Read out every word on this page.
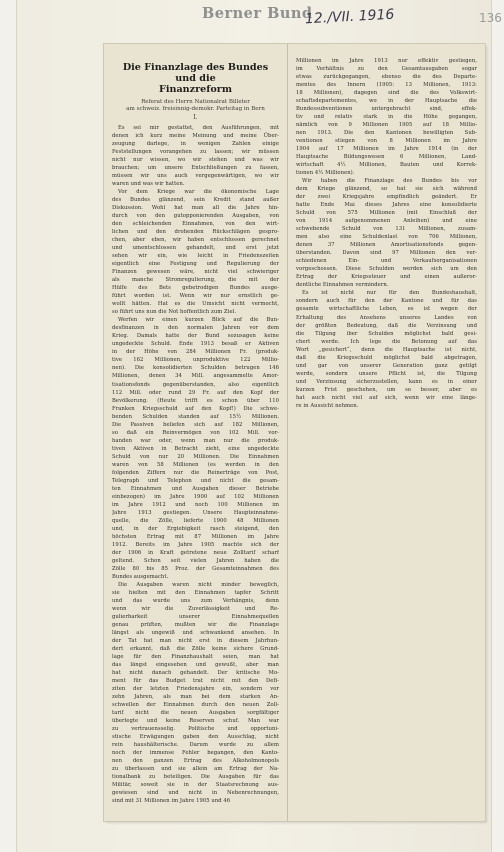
Berner Bund
12./VII. 1916	136
Die Finanzlage des Bundes und die
Finanzreform
Referat des Herrn Nationalrat Billeter
am schweiz. freisinnig-demokr. Parteitag in Bern
I.
Es sei mir gestattet, den Ausführungen, mit
denen ich kurz meine Meinung und meine Über-
zeugung darlege, in wenigen Zahlen einige
Feststellungen vorangehen zu lassen; wir müssen
nicht nur wissen, wo wir stehen und was wir
brauchen; um unsere Entschließungen zu fassen,
müssen wir uns auch vergegenwärtigen, wo wir
waren und was wir hatten.
Vor dem Kriege war die ökonomische Lage
des Bundes glänzend, sein Kredit stand außer
Diskussion. Wohl hat man all die Jahre hin-
durch von den gutopponierenden Ausgaben, von
den schleichenden Einnahmen, von den wirt-
lichen und den drohenden Rückschlägen gespro-
chen, aber eben, wir haben entschlossen gerechnet
und umentschlossen gehandelt, und erst jetzt
sehen wir ein, wie leicht in Friedenszeiten
eigentlich eine Festigung und Regulierung der
Finanzen gewesen wäre, nicht viel schwieriger
als manche Stromregulierung, die mit der
Hülfe des Bets gebetrodigen Bundes ausge-
führt worden ist. Wenn wir nur ernstlich ge-
wollt hätten. Hat es die Umsicht nicht vermocht,
so führt uns nun die Not hoffentlich zum Ziel.
Werfen wir einen kurzen Blick auf die Bun-
desfinanzen in den normalen Jahren vor dem
Krieg. Damals hatte der Bund sozusagen keine
ungedeckte Schuld. Ende 1913 besaß er Aktiven
in der Höhe von 284 Millionen Fr. (produk-
tive 162 Millionen, unproduktive 122 Millio-
nen). Die konsolidierten Schulden betrugen 146
Millionen, denen 34 Mill. angesammelte Amor-
tisationsfonds gegenüberstanden, also eigentlich
112 Mill. oder rund 29 Fr. auf den Kopf der
Bevölkerung. (Heute trifft es schon über 110
Franken Kriegsschuld auf den Kopf!) Die schwe-
benden Schulden standen auf 15½ Millionen.
Die Passiven beliefen sich auf 182 Millionen,
so daß ein Reinvermögen von 102 Mill. vor-
handen war oder, wenn man nur die produk-
tiven Aktiven in Betracht zieht, eine ungedeckte
Schuld von nur 20 Millionen. Die Einnahmen
waren von 58 Millionen (es werden in den
folgenden Ziffern nur die Reinerträge von Post,
Telegraph und Telephon und nicht die gesam-
ten Einnahmen und Ausgaben dieser Betriebe
einbezogen) im Jahre 1900 auf 102 Millionen
im Jahre 1912 und noch 100 Millionen im
Jahre 1913 gestiegen. Unsere Haupteinnahme-
quelle, die Zölle, lieferte 1900 48 Millionen
und, in der Ergiebigkeit rasch steigend, den
höchsten Ertrag mit 87 Millionen im Jahre
1912. Bereits im Jahre 1905 machte sich der
der 1906 in Kraft getretene neue Zolltarif scharf
geltend. Schon seit vielen Jahren haben die
Zölle 80 bis 85 Proz. der Gesamteinnahmen des
Bundes ausgemacht.
Die Ausgaben waren nicht minder beweglich,
sie hielten mit den Einnahmen tapfer Schritt
und das wurde uns zum Verhängnis, denn
wenn wir die Zuverlässigkeit und Re-
gulierbarkeit unserer Einnahmequellen
genau prüften, mußten wir die Finanzlage
längst als ungewiß und schwankend ansehen. In
der Tat hat man nicht erst in diesem Jahrhun-
dert erkannt, daß die Zölle keine sichere Grund-
lage für den Finanzhaushalt seien, man hat
das längst eingesehen und gewußt, aber man
hat nicht danach gehandelt. Der kritische Mo-
ment für das Budget trat nicht mit den Defi-
ziten der letzten Friedensjahre ein, sondern vor
zehn Jahren, als man bei dem starken An-
schwellen der Einnahmen durch den neuen Zoll-
tarif nicht die neuen Ausgaben sorgfältiger
überlegte und keine Reserven schuf. Man war
zu vertrauensselig. Politische und opportuni-
stische Erwägungen gaben den Ausschlag, nicht
rein haushälterische. Darum wurde zu allem
noch der immense Fehler begangen, den Kanto-
nen den ganzen Ertrag des Alkoholmonopols
zu überlassen und sie allein am Ertrag der Na-
tionalbank zu beteiligen. Die Ausgaben für das
Militär, soweit sie in der Staatsrechnung aus-
gewiesen sind und nicht in Nebenrechnungen,
sind mit 31 Millionen im Jahre 1905 und 46
Millionen im Jahre 1913 nur effektiv gestiegen,
im Verhältnis zu den Gesamtausgaben sogar
etwas zurückgegangen, ebenso die des Departe-
mentes des Innern (1905: 13 Millionen, 1913:
18 Millionen), dagegen sind die des Volkswirt-
schaftsdepartementes, wo in der Hauptsache die
Bundessubventionen untergebracht sind, effek-
tiv und relativ stark in die Höhe gegangen,
nämlich von 9 Millionen 1905 auf 18 Millio-
nen 1913. Die den Kantonen bewilligten Sub-
ventionen stiegen von 8 Millionen im Jahre
1904 auf 17 Millionen im Jahre 1914 (in der
Hauptsache Bildungswesen 6 Millionen, Land-
wirtschaft 4½ Millionen, Bauten und Korrek-
tionen 4½ Millionen).
Wir haben die Finanzlage des Bundes bis vor
dem Kriege glänzend, so hat sie sich während
der zwei Kriegsjahre empfindlich geändert. Er
hatte Ende Mai dieses Jahres eine konsolidierte
Schuld von 575 Millionen (mit Einschluß der
von 1914 aufgenommenen Anleihen) und eine
schwebende Schuld von 131 Millionen, zusam-
men also eine Schuldenlast von 706 Millionen,
denen 37 Millionen Amortisationsfonds gegen-
überstanden. Davon sind 97 Millionen den ver-
schiedenen Ein- und Verkaufsorganisationen
vorgeschossen. Diese Schulden werden sich um den
Ertrag der Kriegssteuer und einen außeror-
dentliche Einnahmen vermindern.
Es ist nicht nur für den Bundeshaushalt,
sondern auch für den der Kantone und für das
gesamte wirtschaftliche Leben, es ist wegen der
Erhaltung des Ansehens unseres Landes von
der größten Bedeutung, daß die Verzinsung und
die Tilgung iber Schulden möglichst bald gesi-
chert werde. Ich lege die Betonung auf das
Wort „gesichert“, denn die Hauptsache ist nicht,
daß die Kriegsschuld möglichst bald abgetragen,
und gar von unserer Generation ganz getilgt
werde, sondern unsere Pflicht ist, die Tilgung
und Verzinsung sicherzustellen, kann es in einer
kurzen Frist geschehen, um so besser, aber es
hat auch nicht viel auf sich, wenn wir eine länge-
re in Aussicht nehmen.
